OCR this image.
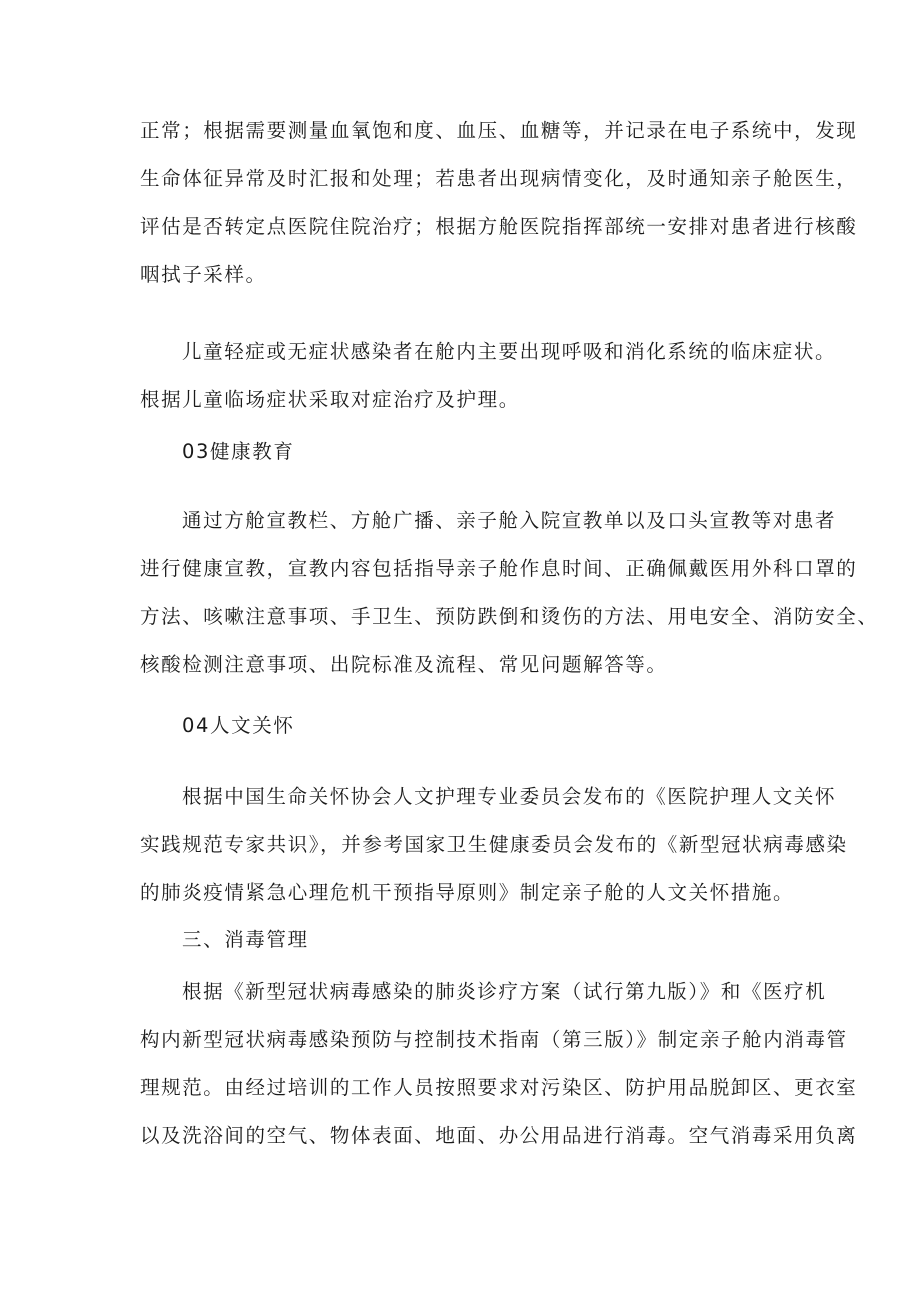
正常；根据需要测量血氧饱和度、血压、血糖等，并记录在电子系统中，发现

生命体征异常及时汇报和处理；若患者出现病情变化，及时通知亲子舱医生，

评估是否转定点医院住院治疗；根据方舱医院指挥部统一安排对患者进行核酸

咽拭子采样。

儿童轻症或无症状感染者在舱内主要出现呼吸和消化系统的临床症状。

根据儿童临场症状采取对症治疗及护理。

03健康教育

通过方舱宣教栏、方舱广播、亲子舱入院宣教单以及口头宣教等对患者

进行健康宣教，宣教内容包括指导亲子舱作息时间、正确佩戴医用外科口罩的

方法、咳嗽注意事项、手卫生、预防跌倒和烫伤的方法、用电安全、消防安全、

核酸检测注意事项、出院标准及流程、常见问题解答等。

04人文关怀

根据中国生命关怀协会人文护理专业委员会发布的《医院护理人文关怀

实践规范专家共识》，并参考国家卫生健康委员会发布的《新型冠状病毒感染

的肺炎疫情紧急心理危机干预指导原则》制定亲子舱的人文关怀措施。

三、消毒管理

根据《新型冠状病毒感染的肺炎诊疗方案（试行第九版）》和《医疗机

构内新型冠状病毒感染预防与控制技术指南（第三版）》制定亲子舱内消毒管

理规范。由经过培训的工作人员按照要求对污染区、防护用品脱卸区、更衣室

以及洗浴间的空气、物体表面、地面、办公用品进行消毒。空气消毒采用负离
